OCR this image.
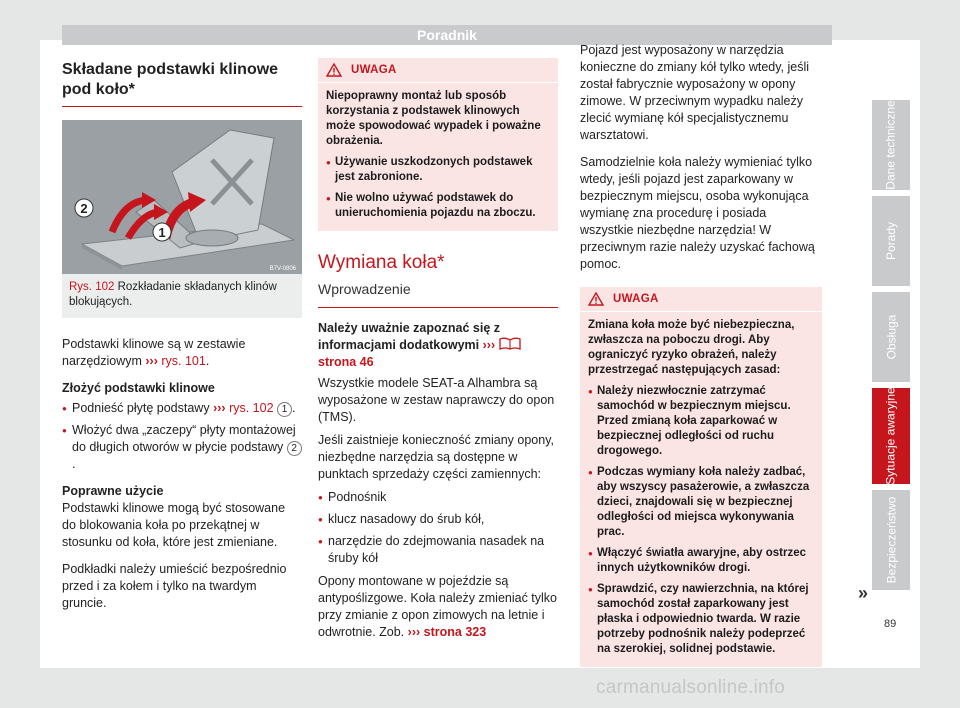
Poradnik
Składane podstawki klinowe pod koło*
2
1
B7V-0806
Rys. 102 Rozkładanie składanych klinów blokujących.

Podstawki klinowe są w zestawie narzędziowym ››› rys. 101.

Złożyć podstawki klinowe

● Podnieść płytę podstawy ››› rys. 102 1 .
● Włożyć dwa „zaczepy“ płyty montażowej do długich otworów w płycie podstawy 2.

Poprawne użycie

Podstawki klinowe mogą być stosowane do blokowania koła po przekątnej w stosunku od koła, które jest zmieniane.

Podkładki należy umieścić bezpośrednio przed i za kołem i tylko na twardym gruncie.

UWAGA
Niepoprawny montaż lub sposób korzystania z podstawek klinowych może spowodować wypadek i poważne obrażenia.
● Używanie uszkodzonych podstawek jest zabronione.
● Nie wolno używać podstawek do unieruchomienia pojazdu na zboczu.
Wymiana koła*
Wprowadzenie

Należy uważnie zapoznać się z informacjami dodatkowymi ›››  strona 46

Wszystkie modele SEAT-a Alhambra są wyposażone w zestaw naprawczy do opon (TMS).

Jeśli zaistnieje konieczność zmiany opony, niezbędne narzędzia są dostępne w punktach sprzedaży części zamiennych:

● Podnośnik
● klucz nasadowy do śrub kół,
● narzędzie do zdejmowania nasadek na śruby kół

Opony montowane w pojeździe są antypoślizgowe. Koła należy zmieniać tylko przy zmianie z opon zimowych na letnie i odwrotnie. Zob. ››› strona 323

Pojazd jest wyposażony w narzędzia konieczne do zmiany kół tylko wtedy, jeśli został fabrycznie wyposażony w opony zimowe. W przeciwnym wypadku należy zlecić wymianę kół specjalistycznemu warsztatowi.

Samodzielnie koła należy wymieniać tylko wtedy, jeśli pojazd jest zaparkowany w bezpiecznym miejscu, osoba wykonująca wymianę zna procedurę i posiada wszystkie niezbędne narzędzia! W przeciwnym razie należy uzyskać fachową pomoc.

UWAGA
Zmiana koła może być niebezpieczna, zwłaszcza na poboczu drogi. Aby ograniczyć ryzyko obrażeń, należy przestrzegać następujących zasad:
● Należy niezwłocznie zatrzymać samochód w bezpiecznym miejscu. Przed zmianą koła zaparkować w bezpiecznej odległości od ruchu drogowego.
● Podczas wymiany koła należy zadbać, aby wszyscy pasażerowie, a zwłaszcza dzieci, znajdowali się w bezpiecznej odległości od miejsca wykonywania prac.
● Włączyć światła awaryjne, aby ostrzec innych użytkowników drogi.
● Sprawdzić, czy nawierzchnia, na której samochód został zaparkowany jest płaska i odpowiednio twarda. W razie potrzeby podnośnik należy podeprzeć na szerokiej, solidnej podstawie.
»
Dane techniczne
Porady
Obsługa
Sytuacje awaryjne
Bezpieczeństwo
89
carmanualsonline.info
